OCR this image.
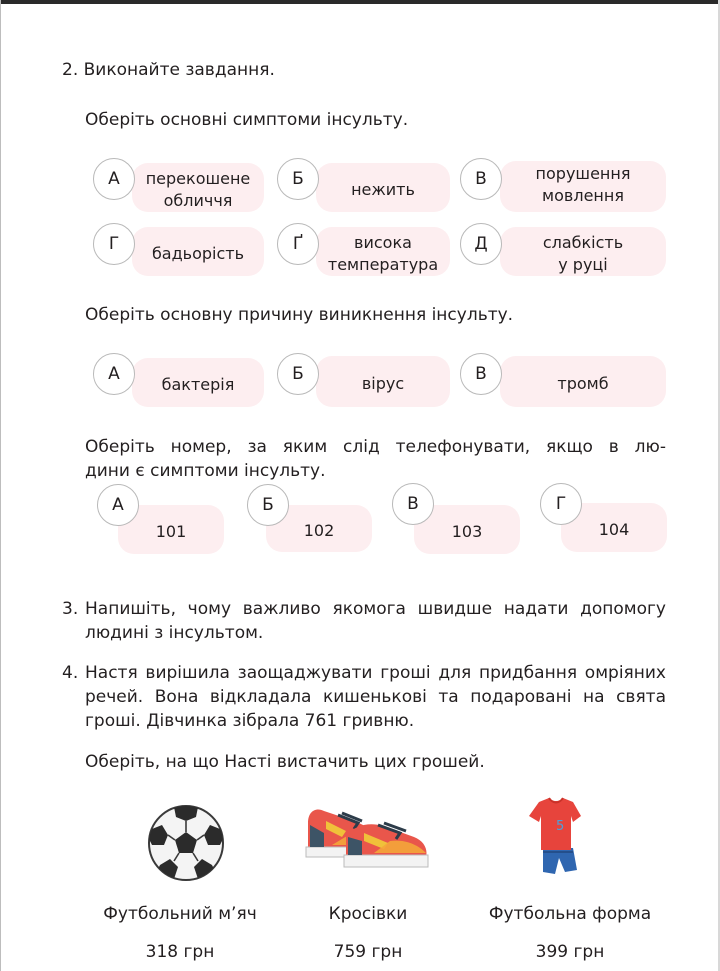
2. Виконайте завдання.
Оберіть основні симптоми інсульту.
перекошене
обличчя
А	нежить
Б	порушення
мовлення
В
бадьорість
Г	висока
температура
Ґ	слабкість
у руці
Д
Оберіть основну причину виникнення інсульту.
бактерія
А	вірус
Б	тромб
В
Оберіть номер, за яким слід телефонувати, якщо в лю-
дини є симптоми інсульту.
101
А
102
Б
103
В
104
Г
3. Напишіть, чому важливо якомога швидше надати допомогу
людині з інсультом.
4. Настя вирішила заощаджувати гроші для придбання омріяних
речей. Вона відкладала кишенькові та подаровані на свята
гроші. Дівчинка зібрала 761 гривню.
Оберіть, на що Насті вистачить цих грошей.
5
Футбольний м’яч
318 грн
Кросівки
759 грн
Футбольна форма
399 грн
